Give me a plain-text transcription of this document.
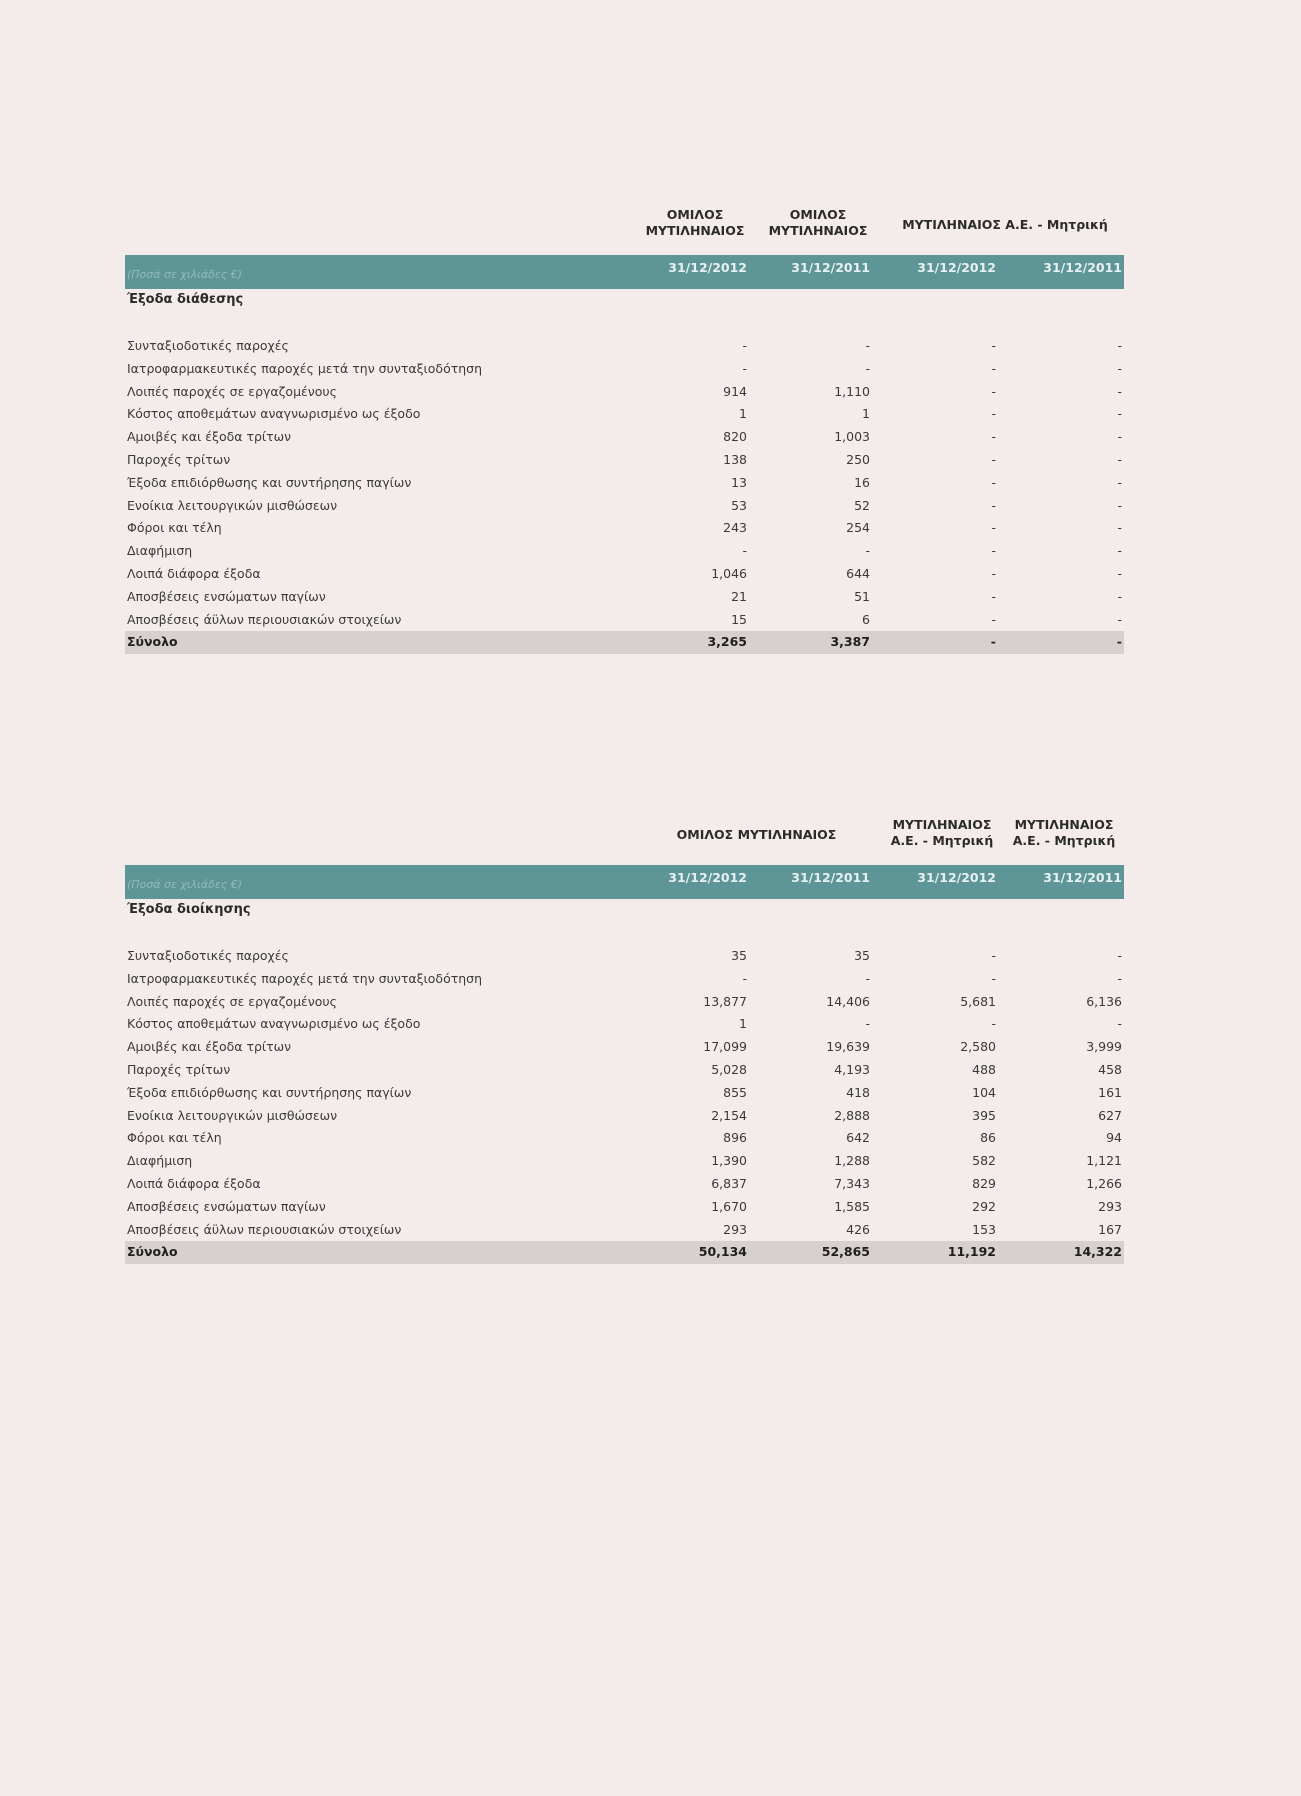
ΟΜΙΛΟΣ
ΜΥΤΙΛΗΝΑΙΟΣ
ΟΜΙΛΟΣ
ΜΥΤΙΛΗΝΑΙΟΣ	ΜΥΤΙΛΗΝΑΙΟΣ Α.Ε. - Μητρική
(Ποσά σε χιλιάδες €)	31/12/2012	31/12/2011	31/12/2012	31/12/2011
Έξοδα διάθεσης
Συνταξιοδοτικές παροχές	-	-	-	-
Ιατροφαρμακευτικές παροχές μετά την συνταξιοδότηση	-	-	-	-
Λοιπές παροχές σε εργαζομένους	914	1,110	-	-
Κόστος αποθεμάτων αναγνωρισμένο ως έξοδο	1	1	-	-
Αμοιβές και έξοδα τρίτων	820	1,003	-	-
Παροχές τρίτων	138	250	-	-
Έξοδα επιδιόρθωσης και συντήρησης παγίων	13	16	-	-
Ενοίκια λειτουργικών μισθώσεων	53	52	-	-
Φόροι και τέλη	243	254	-	-
Διαφήμιση	-	-	-	-
Λοιπά διάφορα έξοδα	1,046	644	-	-
Αποσβέσεις ενσώματων παγίων	21	51	-	-
Αποσβέσεις άϋλων περιουσιακών στοιχείων	15	6	-	-
Σύνολο	3,265	3,387	-	-
ΟΜΙΛΟΣ ΜΥΤΙΛΗΝΑΙΟΣ
ΜΥΤΙΛΗΝΑΙΟΣ
Α.Ε. - Μητρική
ΜΥΤΙΛΗΝΑΙΟΣ
Α.Ε. - Μητρική
(Ποσά σε χιλιάδες €)	31/12/2012	31/12/2011	31/12/2012	31/12/2011
Έξοδα διοίκησης
Συνταξιοδοτικές παροχές	35	35	-	-
Ιατροφαρμακευτικές παροχές μετά την συνταξιοδότηση	-	-	-	-
Λοιπές παροχές σε εργαζομένους	13,877	14,406	5,681	6,136
Κόστος αποθεμάτων αναγνωρισμένο ως έξοδο	1	-	-	-
Αμοιβές και έξοδα τρίτων	17,099	19,639	2,580	3,999
Παροχές τρίτων	5,028	4,193	488	458
Έξοδα επιδιόρθωσης και συντήρησης παγίων	855	418	104	161
Ενοίκια λειτουργικών μισθώσεων	2,154	2,888	395	627
Φόροι και τέλη	896	642	86	94
Διαφήμιση	1,390	1,288	582	1,121
Λοιπά διάφορα έξοδα	6,837	7,343	829	1,266
Αποσβέσεις ενσώματων παγίων	1,670	1,585	292	293
Αποσβέσεις άϋλων περιουσιακών στοιχείων	293	426	153	167
Σύνολο	50,134	52,865	11,192	14,322
